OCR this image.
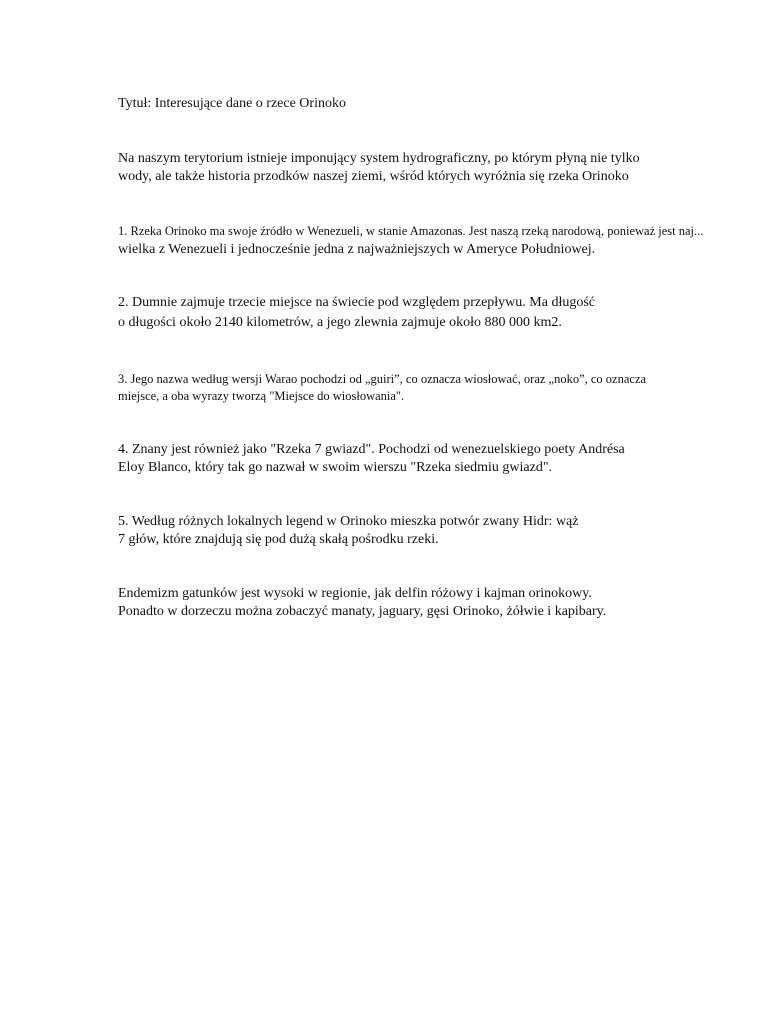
Tytuł: Interesujące dane o rzece Orinoko
Na naszym terytorium istnieje imponujący system hydrograficzny, po którym płyną nie tylko
wody, ale także historia przodków naszej ziemi, wśród których wyróżnia się rzeka Orinoko
1. Rzeka Orinoko ma swoje źródło w Wenezueli, w stanie Amazonas. Jest naszą rzeką narodową, ponieważ jest naj...
wielka z Wenezueli i jednocześnie jedna z najważniejszych w Ameryce Południowej.
2. Dumnie zajmuje trzecie miejsce na świecie pod względem przepływu. Ma długość
o długości około 2140 kilometrów, a jego zlewnia zajmuje około 880 000 km2.
3. Jego nazwa według wersji Warao pochodzi od „guiri”, co oznacza wiosłować, oraz „noko”, co oznacza
miejsce, a oba wyrazy tworzą "Miejsce do wiosłowania".
4. Znany jest również jako "Rzeka 7 gwiazd". Pochodzi od wenezuelskiego poety Andrésa
Eloy Blanco, który tak go nazwał w swoim wierszu "Rzeka siedmiu gwiazd".
5. Według różnych lokalnych legend w Orinoko mieszka potwór zwany Hidr: wąż
7 głów, które znajdują się pod dużą skałą pośrodku rzeki.
Endemizm gatunków jest wysoki w regionie, jak delfin różowy i kajman orinokowy.
Ponadto w dorzeczu można zobaczyć manaty, jaguary, gęsi Orinoko, żółwie i kapibary.
